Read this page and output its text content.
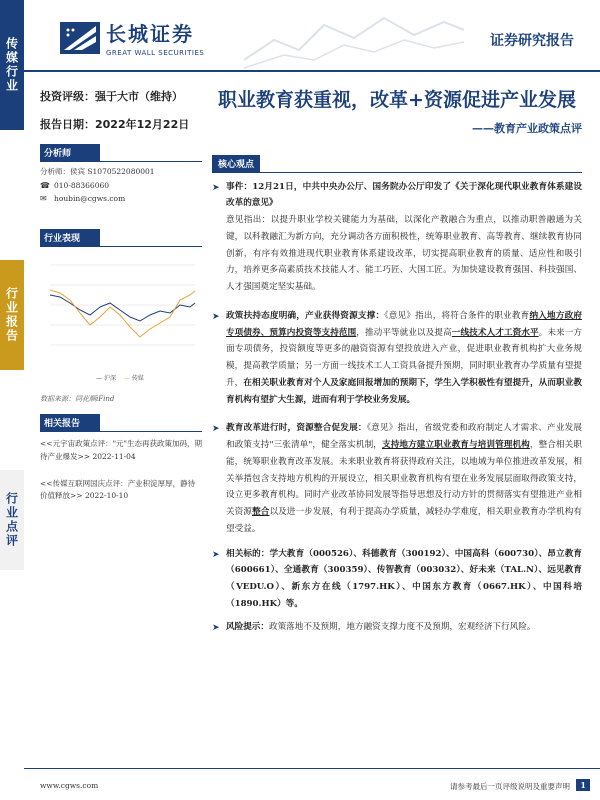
传媒行业
行业报告
行业点评
长城证券
GREAT WALL SECURITIES
证券研究报告
投资评级：强于大市（维持）
报告日期：2022年12月22日
分析师
分析师：侯宾 S1070522080001
☎ 010-88366060
✉ houbin@cgws.com
行业表现
— 沪深 — 传媒
数据来源：同花顺iFind
相关报告
<<元宇宙政策点评："元"生态再获政策加码，期待产业爆发>> 2022-11-04
<<传媒互联网国庆点评：产业积淀厚厚，静待价值释放>> 2022-10-10
职业教育获重视，改革+资源促进产业发展
——教育产业政策点评
核心观点
➤ 事件：12月21日，中共中央办公厅、国务院办公厅印发了《关于深化现代职业教育体系建设改革的意见》
意见指出：以提升职业学校关键能力为基础，以深化产教融合为重点，以推动职普融通为关键，以科教融汇为新方向，充分调动各方面积极性，统筹职业教育、高等教育、继续教育协同创新，有序有效推进现代职业教育体系建设改革，切实提高职业教育的质量、适应性和吸引力，培养更多高素质技术技能人才、能工巧匠、大国工匠。为加快建设教育强国、科技强国、人才强国奠定坚实基础。
➤ 政策扶持态度明确，产业获得资源支撑：《意见》指出，将符合条件的职业教育纳入地方政府专项债券、预算内投资等支持范围，推动平等就业以及提高一线技术人才工资水平。未来一方面专项债务，投资额度等更多的融资资源有望投放进入产业，促进职业教育机构扩大业务规模，提高教学质量；另一方面一线技术工人工资具备提升预期，同时职业教育办学质量有望提升，在相关职业教育对个人及家庭回报增加的预期下，学生入学积极性有望提升，从而职业教育机构有望扩大生源，进而有利于学校业务发展。
➤ 教育改革进行时，资源整合促发展：《意见》指出，省级党委和政府制定人才需求、产业发展和政策支持"三张清单"，健全落实机制，支持地方建立职业教育与培训管理机构，整合相关职能，统筹职业教育改革发展。未来职业教育将获得政府关注，以地域为单位推进改革发展，相关举措包含支持地方机构的开展设立，相关职业教育机构有望在业务发展层面取得政策支持，设立更多教育机构。同时产业改革协同发展等指导思想及行动方针的贯彻落实有望推进产业相关资源整合以及进一步发展，有利于提高办学质量，减轻办学难度，相关职业教育办学机构有望受益。
➤ 相关标的：学大教育（000526）、科德教育（300192）、中国高科（600730）、昂立教育（600661）、全通教育（300359）、传智教育（003032）、好未来（TAL.N）、远见教育（VEDU.O）、新东方在线（1797.HK）、中国东方教育（0667.HK）、中国科培（1890.HK）等。
➤ 风险提示：政策落地不及预期，地方融资支撑力度不及预期，宏观经济下行风险。
www.cgws.com	请参考最后一页评级说明及重要声明	1
